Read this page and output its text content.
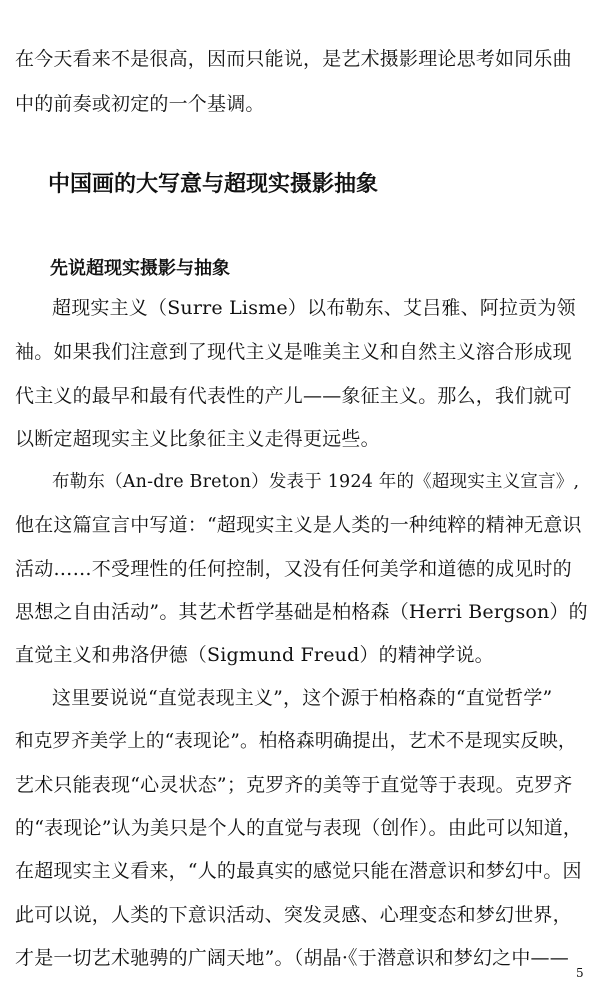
在今天看来不是很高，因而只能说，是艺术摄影理论思考如同乐曲
中的前奏或初定的一个基调。
中国画的大写意与超现实摄影抽象
先说超现实摄影与抽象
超现实主义（Surre Lisme）以布勒东、艾吕雅、阿拉贡为领
袖。如果我们注意到了现代主义是唯美主义和自然主义溶合形成现
代主义的最早和最有代表性的产儿——象征主义。那么，我们就可
以断定超现实主义比象征主义走得更远些。
布勒东（An-dre Breton）发表于 1924 年的《超现实主义宣言》,
他在这篇宣言中写道：“超现实主义是人类的一种纯粹的精神无意识
活动……不受理性的任何控制，又没有任何美学和道德的成见时的
思想之自由活动”。其艺术哲学基础是柏格森（Herri Bergson）的
直觉主义和弗洛伊德（Sigmund Freud）的精神学说。
这里要说说“直觉表现主义”，这个源于柏格森的“直觉哲学”
和克罗齐美学上的“表现论”。柏格森明确提出，艺术不是现实反映，
艺术只能表现“心灵状态”；克罗齐的美等于直觉等于表现。克罗齐
的“表现论”认为美只是个人的直觉与表现（创作）。由此可以知道，
在超现实主义看来，“人的最真实的感觉只能在潜意识和梦幻中。因
此可以说，人类的下意识活动、突发灵感、心理变态和梦幻世界，
才是一切艺术驰骋的广阔天地”。（胡晶·《于潜意识和梦幻之中——
5
